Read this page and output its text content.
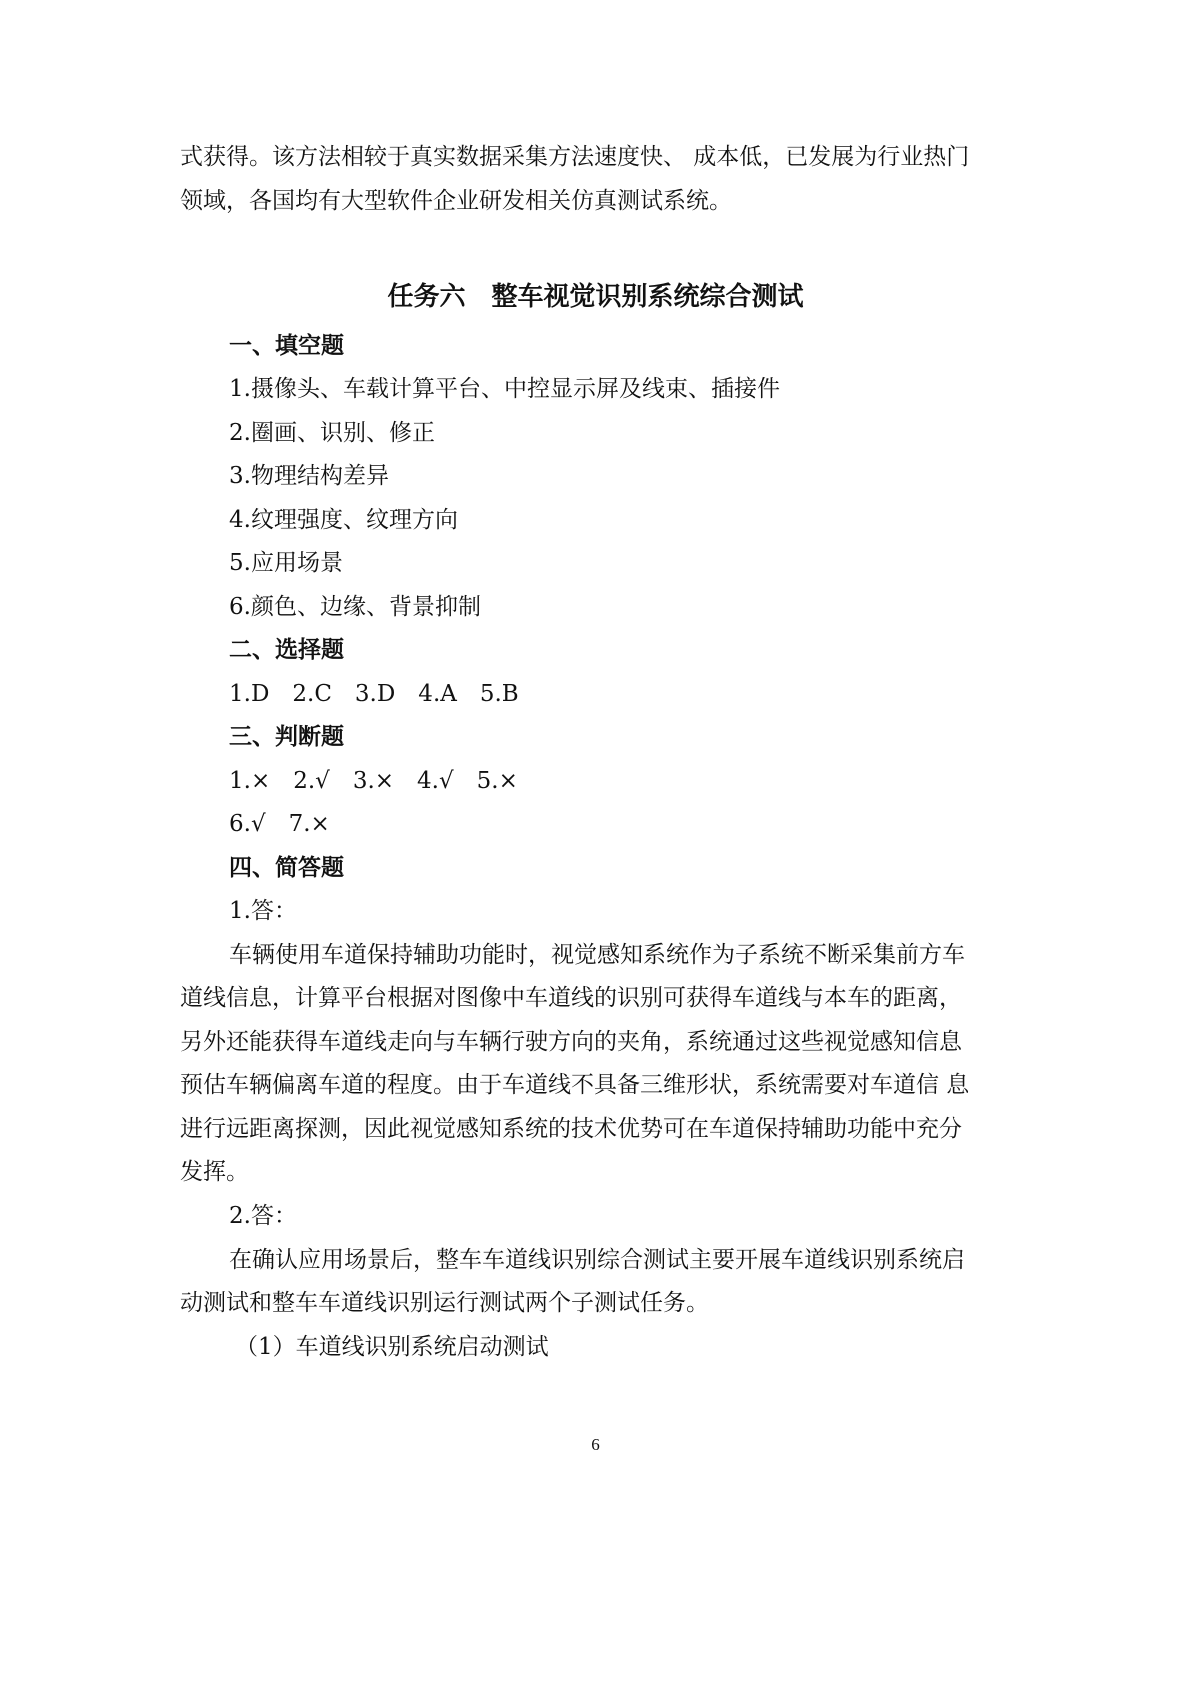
式获得。该方法相较于真实数据采集方法速度快、 成本低，已发展为行业热门
领域，各国均有大型软件企业研发相关仿真测试系统。
任务六　整车视觉识别系统综合测试
一、填空题
1.摄像头、车载计算平台、中控显示屏及线束、插接件
2.圈画、识别、修正
3.物理结构差异
4.纹理强度、纹理方向
5.应用场景
6.颜色、边缘、背景抑制
二、选择题
1.D　2.C　3.D　4.A　5.B
三、判断题
1.×　2.√　3.×　4.√　5.×
6.√　7.×
四、简答题
1.答：
车辆使用车道保持辅助功能时，视觉感知系统作为子系统不断采集前方车
道线信息，计算平台根据对图像中车道线的识别可获得车道线与本车的距离，
另外还能获得车道线走向与车辆行驶方向的夹角，系统通过这些视觉感知信息
预估车辆偏离车道的程度。由于车道线不具备三维形状，系统需要对车道信 息
进行远距离探测，因此视觉感知系统的技术优势可在车道保持辅助功能中充分
发挥。
2.答：
在确认应用场景后，整车车道线识别综合测试主要开展车道线识别系统启
动测试和整车车道线识别运行测试两个子测试任务。
（1）车道线识别系统启动测试
6
